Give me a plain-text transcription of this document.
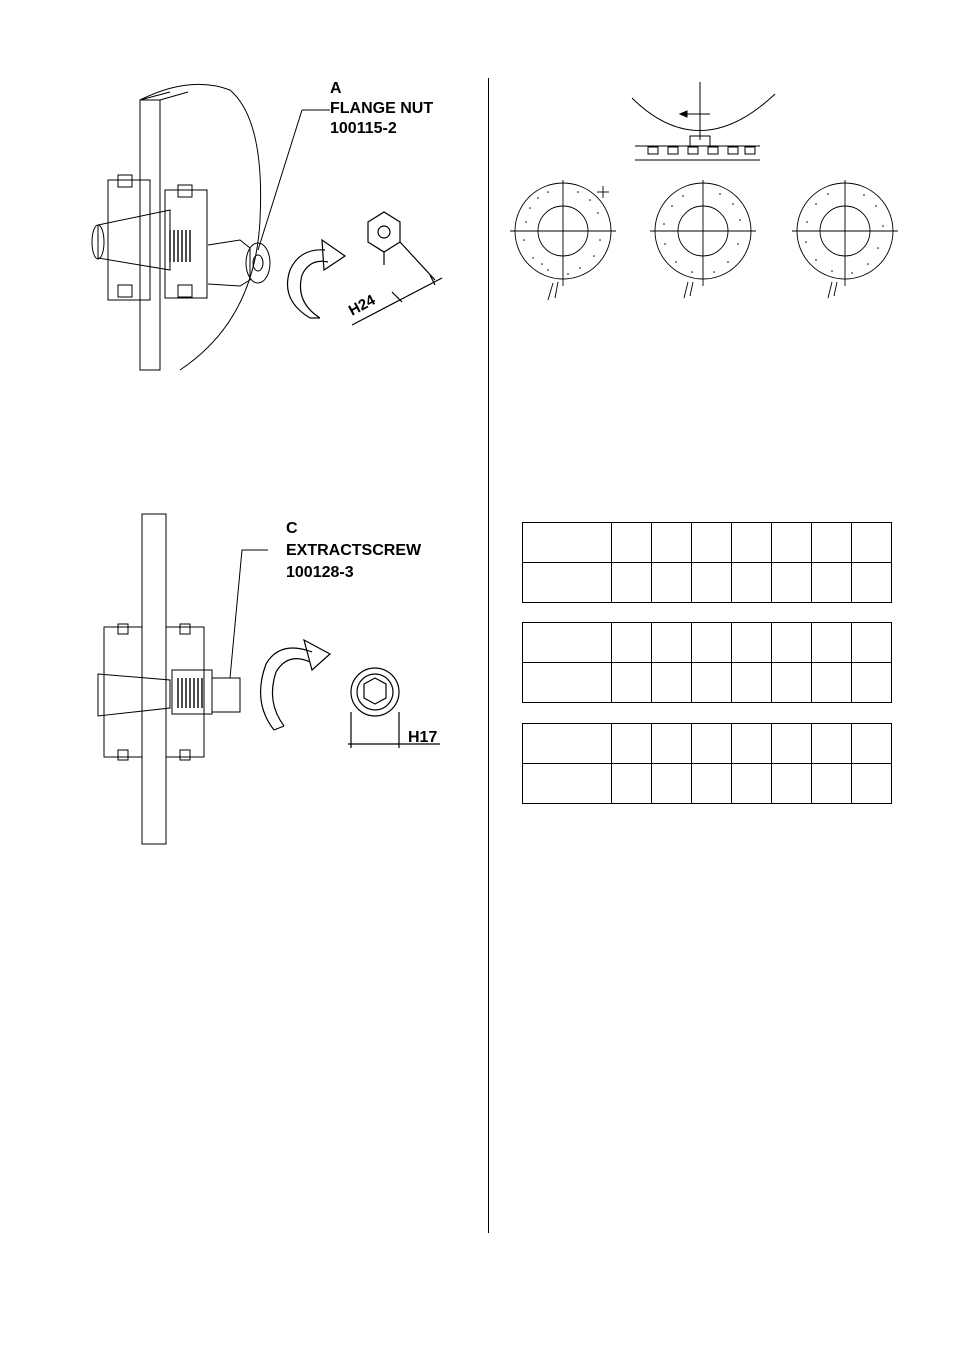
A
FLANGE NUT
100115-2
H24
C
EXTRACTSCREW
100128-3
H17
